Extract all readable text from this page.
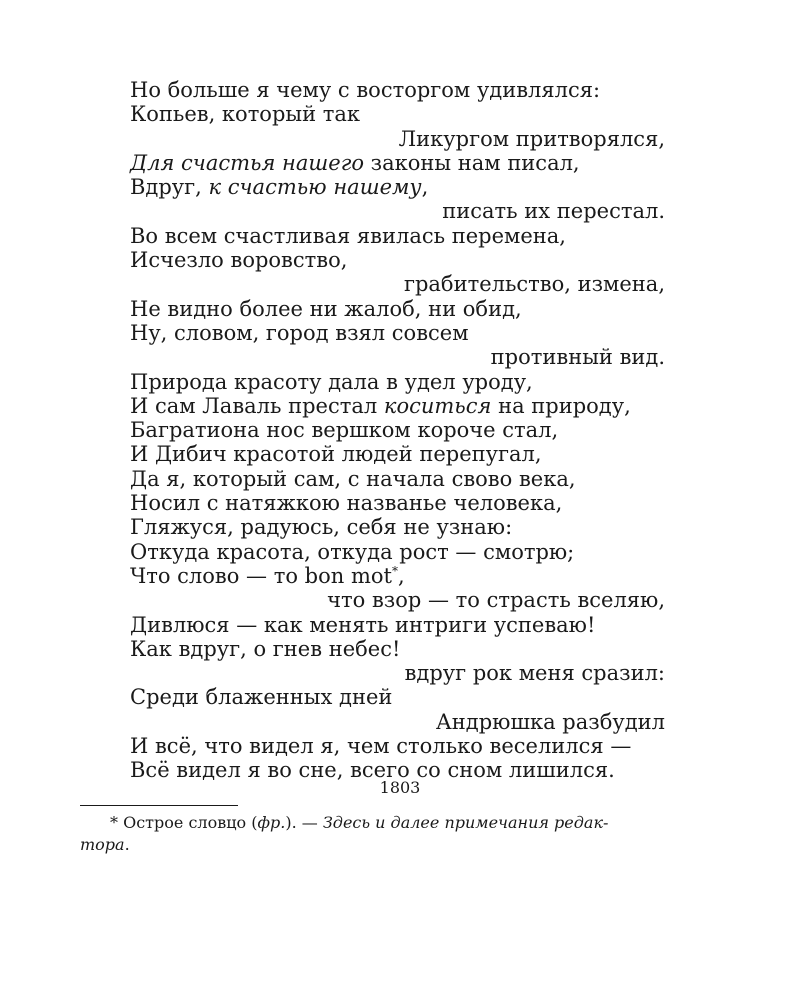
Но больше я чему с восторгом удивлялся:
Копьев, который так
Ликургом притворялся,
Для счастья нашего законы нам писал,
Вдруг, к счастью нашему,
писать их перестал.
Во всем счастливая явилась перемена,
Исчезло воровство,
грабительство, измена,
Не видно более ни жалоб, ни обид,
Ну, словом, город взял совсем
противный вид.
Природа красоту дала в удел уроду,
И сам Лаваль престал коситься на природу,
Багратиона нос вершком короче стал,
И Дибич красотой людей перепугал,
Да я, который сам, с начала свово века,
Носил с натяжкою названье человека,
Гляжуся, радуюсь, себя не узнаю:
Откуда красота, откуда рост — смотрю;
Что слово — то bon mot*,
что взор — то страсть вселяю,
Дивлюся — как менять интриги успеваю!
Как вдруг, о гнев небес!
вдруг рок меня сразил:
Среди блаженных дней
Андрюшка разбудил
И всё, что видел я, чем столько веселился —
Всё видел я во сне, всего со сном лишился.
1803
* Острое словцо (фр.). — Здесь и далее примечания редак-
тора.
